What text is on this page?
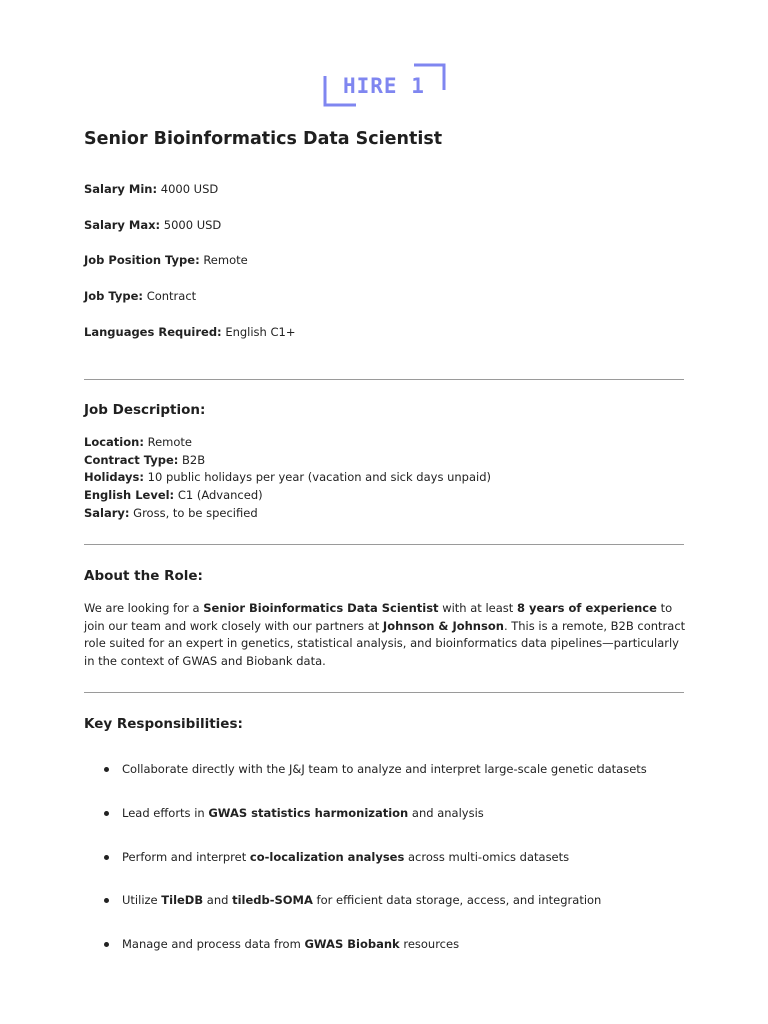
HIRE 1
Senior Bioinformatics Data Scientist
Salary Min: 4000 USD
Salary Max: 5000 USD
Job Position Type: Remote
Job Type: Contract
Languages Required: English C1+
Job Description:
Location: Remote
Contract Type: B2B
Holidays: 10 public holidays per year (vacation and sick days unpaid)
English Level: C1 (Advanced)
Salary: Gross, to be specified
About the Role:
We are looking for a Senior Bioinformatics Data Scientist with at least 8 years of experience to join our team and work closely with our partners at Johnson & Johnson. This is a remote, B2B contract role suited for an expert in genetics, statistical analysis, and bioinformatics data pipelines—particularly in the context of GWAS and Biobank data.
Key Responsibilities:
Collaborate directly with the J&J team to analyze and interpret large-scale genetic datasets
Lead efforts in GWAS statistics harmonization and analysis
Perform and interpret co-localization analyses across multi-omics datasets
Utilize TileDB and tiledb-SOMA for efficient data storage, access, and integration
Manage and process data from GWAS Biobank resources
